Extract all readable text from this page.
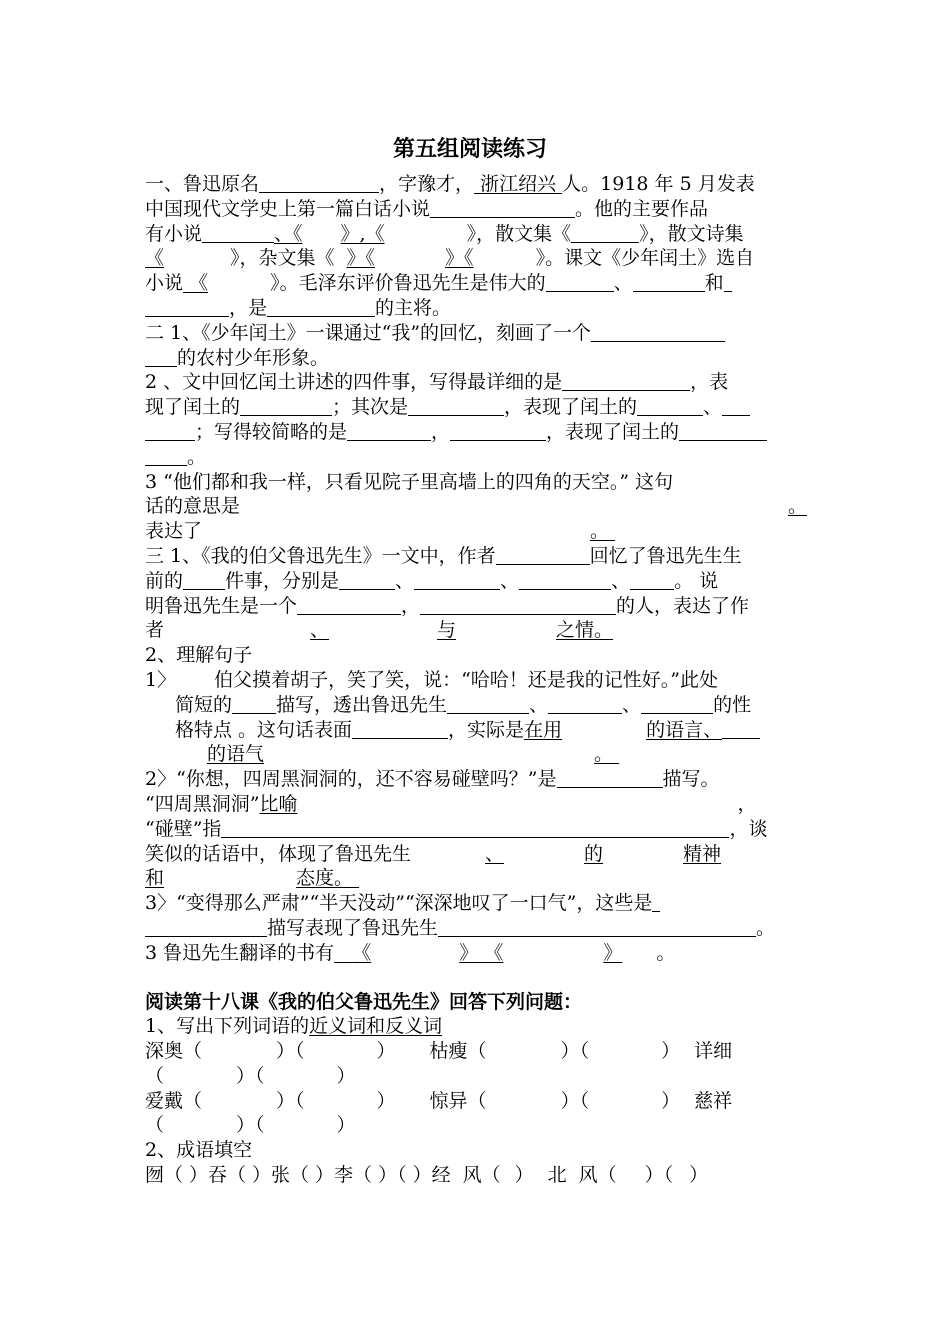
第五组阅读练习
一、鲁迅原名	，字豫才， 浙江绍兴 人。1918 年 5 月发表
中国现代文学史上第一篇白话小说	。他的主要作品
有小说	、《 》,《	》，散文集《	》，散文诗集
《	》，杂文集《 》《	》《	》。课文《少年闰土》选自
小说 《	》。毛泽东评价鲁迅先生是伟大的	、	和
，是	的主将。
二 1、《少年闰土》一课通过“我”的回忆，刻画了一个
的农村少年形象。
2 、文中回忆闰土讲述的四件事，写得最详细的是	，表
现了闰土的	；其次是	，表现了闰土的	、
；写得较简略的是	，	，表现了闰土的
。
3 “他们都和我一样，只看见院子里高墙上的四角的天空。” 这句
话的意思是	。
表达了	。
三 1、《我的伯父鲁迅先生》一文中，作者	回忆了鲁迅先生生
前的 件事，分别是	、	、	、 。 说
明鲁迅先生是一个	，	的人，表达了作
者	、	与	之情。
2、理解句子
1〉 伯父摸着胡子，笑了笑，说：“哈哈！还是我的记性好。”此处
简短的 描写，透出鲁迅先生	、	、	的性
格特点 。这句话表面	，实际是在用	的语言、
的语气	。
2〉“你想，四周黑洞洞的，还不容易碰壁吗？”是	描写。
“四周黑洞洞”比喻	，
“碰壁”指	，谈
笑似的话语中，体现了鲁迅先生	、	的	精神
和	态度。
3〉“变得那么严肃”“半天没动”“深深地叹了一口气”，这些是
描写表现了鲁迅先生	。
3 鲁迅先生翻译的书有 《	》 《	》 。
阅读第十八课《我的伯父鲁迅先生》回答下列问题：
1、写出下列词语的近义词和反义词
深奥（	）（	） 枯瘦（	）（	） 详细
（	）（	）
爱戴（	）（	） 惊异（	）（	） 慈祥
（	）（	）
2、成语填空
囫（ ）吞（ ）张（ ）李（ ）（ ）经 风（ ） 北 风（ ）（ ）
